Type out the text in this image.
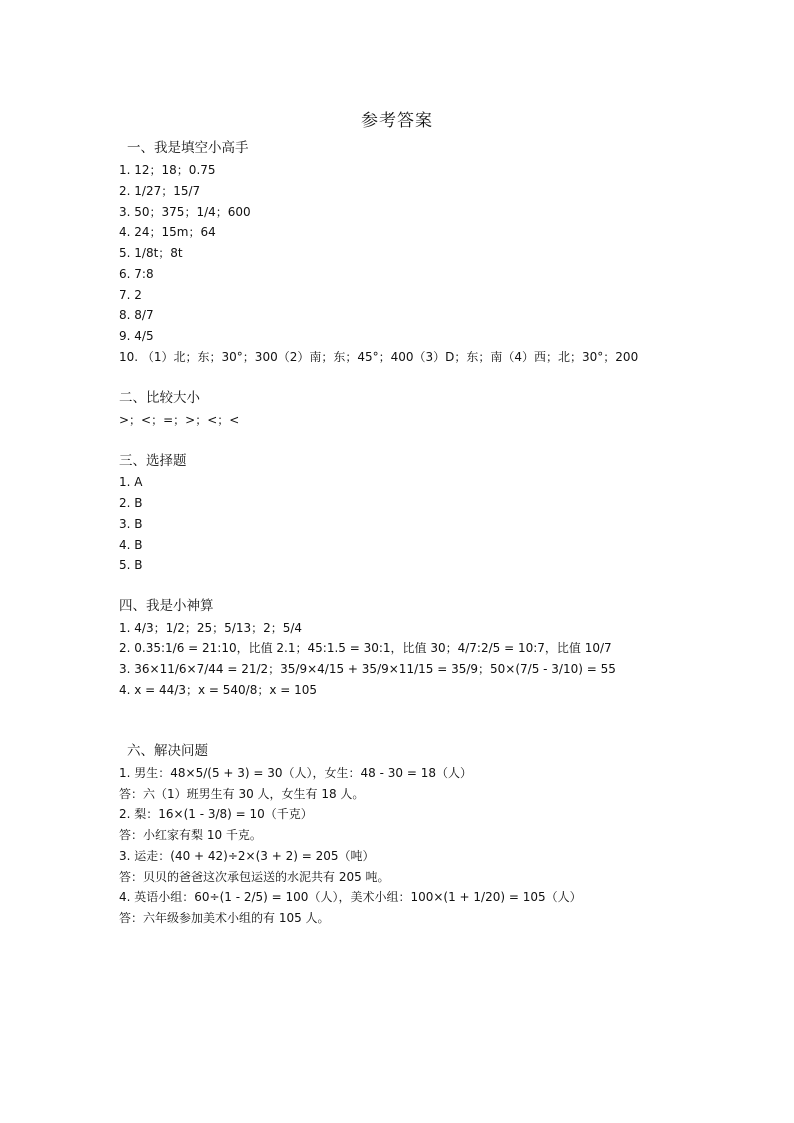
参考答案
一、我是填空小高手
1. 12；18；0.75
2. 1/27；15/7
3. 50；375；1/4；600
4. 24；15m；64
5. 1/8t；8t
6. 7:8
7. 2
8. 8/7
9. 4/5
10. （1）北；东；30°；300（2）南；东；45°；400（3）D；东；南（4）西；北；30°；200
二、比较大小
>；<；=；>；<；<
三、选择题
1. A
2. B
3. B
4. B
5. B
四、我是小神算
1. 4/3；1/2；25；5/13；2；5/4
2. 0.35:1/6 = 21:10，比值 2.1；45:1.5 = 30:1，比值 30；4/7:2/5 = 10:7，比值 10/7
3. 36×11/6×7/44 = 21/2；35/9×4/15 + 35/9×11/15 = 35/9；50×(7/5 - 3/10) = 55
4. x = 44/3；x = 540/8；x = 105
六、解决问题
1. 男生：48×5/(5 + 3) = 30（人），女生：48 - 30 = 18（人）
答：六（1）班男生有 30 人，女生有 18 人。
2. 梨：16×(1 - 3/8) = 10（千克）
答：小红家有梨 10 千克。
3. 运走：(40 + 42)÷2×(3 + 2) = 205（吨）
答：贝贝的爸爸这次承包运送的水泥共有 205 吨。
4. 英语小组：60÷(1 - 2/5) = 100（人），美术小组：100×(1 + 1/20) = 105（人）
答：六年级参加美术小组的有 105 人。
